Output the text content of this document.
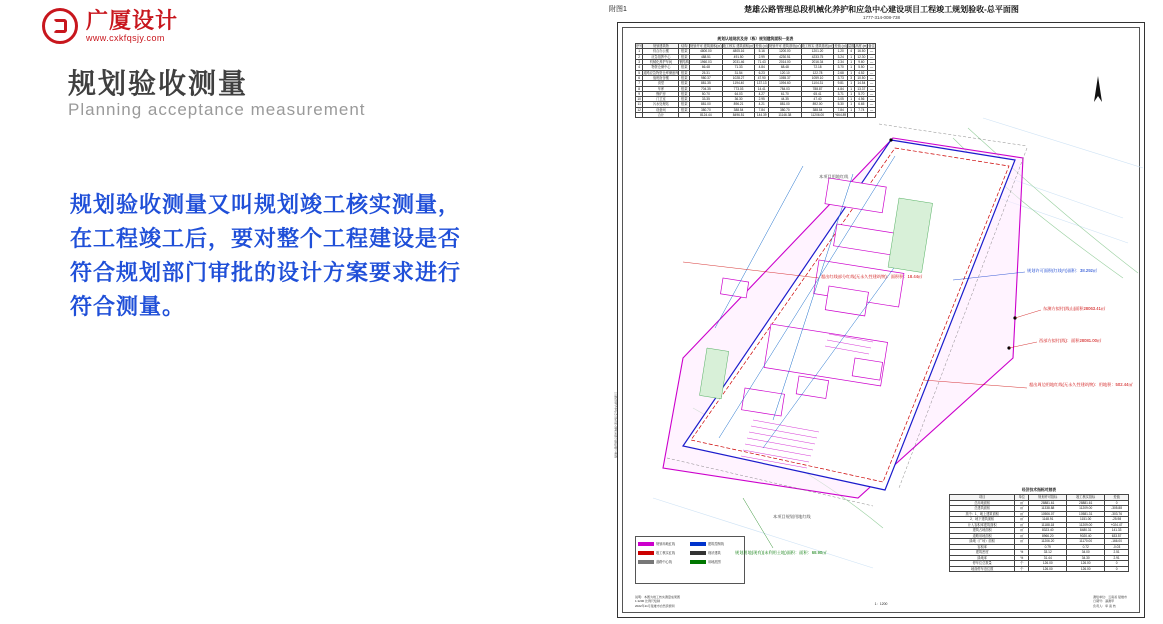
广厦设计
www.cxkfqsjy.com
规划验收测量
Planning acceptance measurement

规划验收测量又叫规划竣工核实测量，

在工程竣工后，要对整个工程建设是否

符合规划部门审批的设计方案要求进行

符合测量。

附图1	楚雄公路管理总段机械化养护和应急中心建设项目工程竣工规划验收-总平面图
1777-314-008-738
规划认地现状及房（栋）规划建筑面积一览表
序号	规划建筑物	结构	规划许可 建筑面积(㎡)	竣工核实 建筑面积(㎡)	差值 (㎡)	规划许可 建筑基底(㎡)	竣工核实 建筑基底(㎡)	差值 (㎡)	层数	高度 (m)	备注
1	综合办公楼	框架	4800.00	4805.16	5.16	1200.00	1201.20	1.20	4	16.50	—
2	应急指挥中心	框架	488.51	491.50	2.99	4230.51	4233.75	3.24	1	12.30	—
3	机械化养护车间	钢结构	1960.03	2031.46	71.43	2014.00	2016.34	2.34	1	9.60	—
4	物资仓储中心	框架	66.48	71.33	4.84	68.48	72.18	3.70	1	5.50	—
5	道路应急物资仓库储备库	框架	25.31	31.54	6.23	120.10	122.78	2.68	1	4.52	—
6	值班宿舍楼	框架	980.37	1028.27	47.90	1055.37	1059.10	3.73	3	10.50	—
7	食堂	框架	881.35	1194.40	137.13	1094.60	1104.31	9.81	1	14.54	—
8	车库	框架	704.35	773.03	14.41	784.03	788.87	4.84	1	13.37	—
9	锅炉房	框架	50.70	64.03	4.27	61.70	65.41	3.71	1	5.70	—
10	门卫室	框架	33.35	36.30	2.95	44.35	47.40	3.05	1	4.56	—
11	污水处理站	框架	881.00	896.21	4.21	881.00	892.00	5.30	1	6.65	—
12	设备间	框架	380.70	388.54	7.84	380.70	388.54	7.84	1	7.74	—
	合计		8124.44	8496.51	144.39	11146.38	11206.00	*664.89			
经济技术指标对照表
项目	单位	规划许可指标	竣工核实指标	差值
总用地面积	㎡	28881.61	28881.61	0
总建筑面积	㎡	11338.88	11209.00	-305.88
其中：1、地上建筑面积	㎡	10506.07	10581.31	-303.76
2、地下建筑面积	㎡	1148.91	1151.00	-25.98
计入容积率建筑面积	㎡	11188.18	11209.00	+024.47
建筑占地面积	㎡	8323.40	8480.31	141.33
道路用地面积	㎡	8966.20	9020.40	633.57
绿地（广场）面积	㎡	11206.20	11170.00	-166.00
容积率		0.79	0.72	-0.03
建筑密度	%	33.12	34.00	2.51
绿地率	%	31.44	34.30	2.91
停车位总数量	个	126.00	126.00	0
地面停车泊位数	个	126.00	126.00	0
规划用地红线	建筑控制线
竣工核实红线	现状建筑
道路中心线	用地范围
超出红线部分红线(无永久性建筑物)：面积积：18.44㎡
规划许可面积(红线内)面积：38.292㎡
东测方拟付(线山)面积28063.41㎡
西部方拟付(线)：面积28081.00㎡
超出周边用地红线(无永久性建筑物)：用地积：502.44㎡
规划用地(现有)(未利用土地)面积：面积：68.90㎡
本项目用地红线
本项目规划用地红线
说明：本图为竣工核实测量成果图
1:1200 比例尺绘制
2022年11月楚雄市自然资源局	1：1200
测绘单位：云南省 楚雄市
日期号：滇测甲
负责人：审 查 核
楚雄公路管理总段机械化养护和应急中心建设项目
